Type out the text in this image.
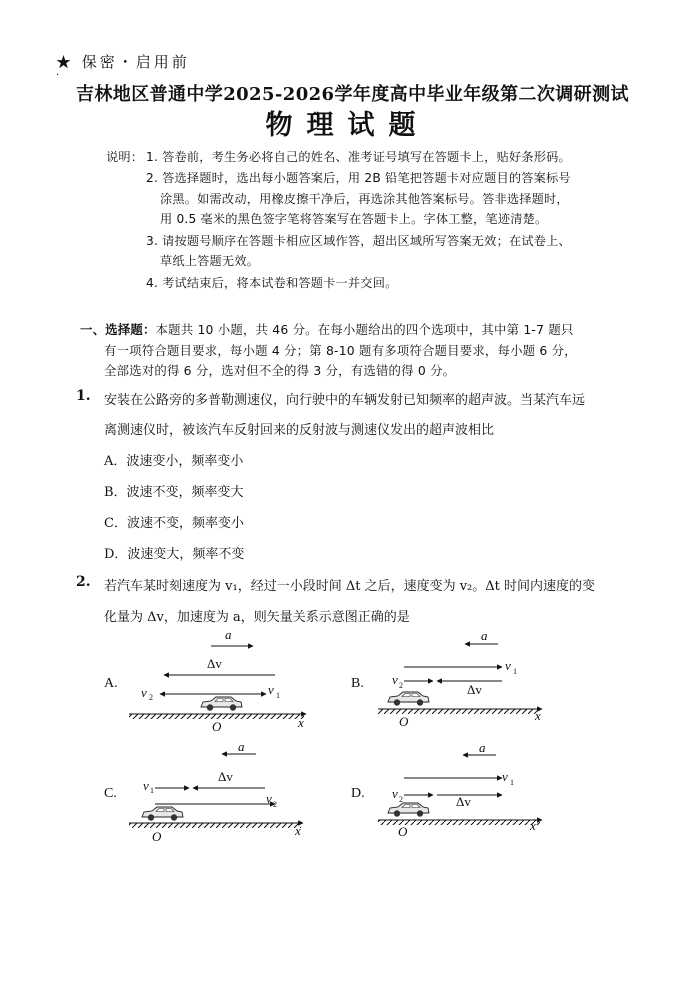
★ 保密・启用前
·
吉林地区普通中学2025-2026学年度高中毕业年级第二次调研测试
物理试题
说明： 1. 答卷前，考生务必将自己的姓名、准考证号填写在答题卡上，贴好条形码。
2. 答选择题时，选出每小题答案后，用 2B 铅笔把答题卡对应题目的答案标号
涂黑。如需改动，用橡皮擦干净后，再选涂其他答案标号。答非选择题时，
用 0.5 毫米的黑色签字笔将答案写在答题卡上。字体工整，笔迹清楚。
3. 请按题号顺序在答题卡相应区域作答，超出区域所写答案无效；在试卷上、
草纸上答题无效。
4. 考试结束后，将本试卷和答题卡一并交回。
一、选择题：本题共 10 小题，共 46 分。在每小题给出的四个选项中，其中第 1-7 题只
有一项符合题目要求，每小题 4 分；第 8-10 题有多项符合题目要求，每小题 6 分，
全部选对的得 6 分，选对但不全的得 3 分，有选错的得 0 分。
1. 安装在公路旁的多普勒测速仪，向行驶中的车辆发射已知频率的超声波。当某汽车远
离测速仪时，被该汽车反射回来的反射波与测速仪发出的超声波相比
A．波速变小，频率变小
B．波速不变，频率变大
C．波速不变，频率变小
D．波速变大，频率不变
2. 若汽车某时刻速度为 v₁，经过一小段时间 Δt 之后，速度变为 v₂。Δt 时间内速度的变
化量为 Δv，加速度为 a，则矢量关系示意图正确的是
a
Δv
v 2
v 1
O	x
a
v 1
v 2	Δv
O	x
a
Δv
v 1
v 2
O	x
a
v 1
v 2	Δv
O	x
A.	B.
C.	D.
